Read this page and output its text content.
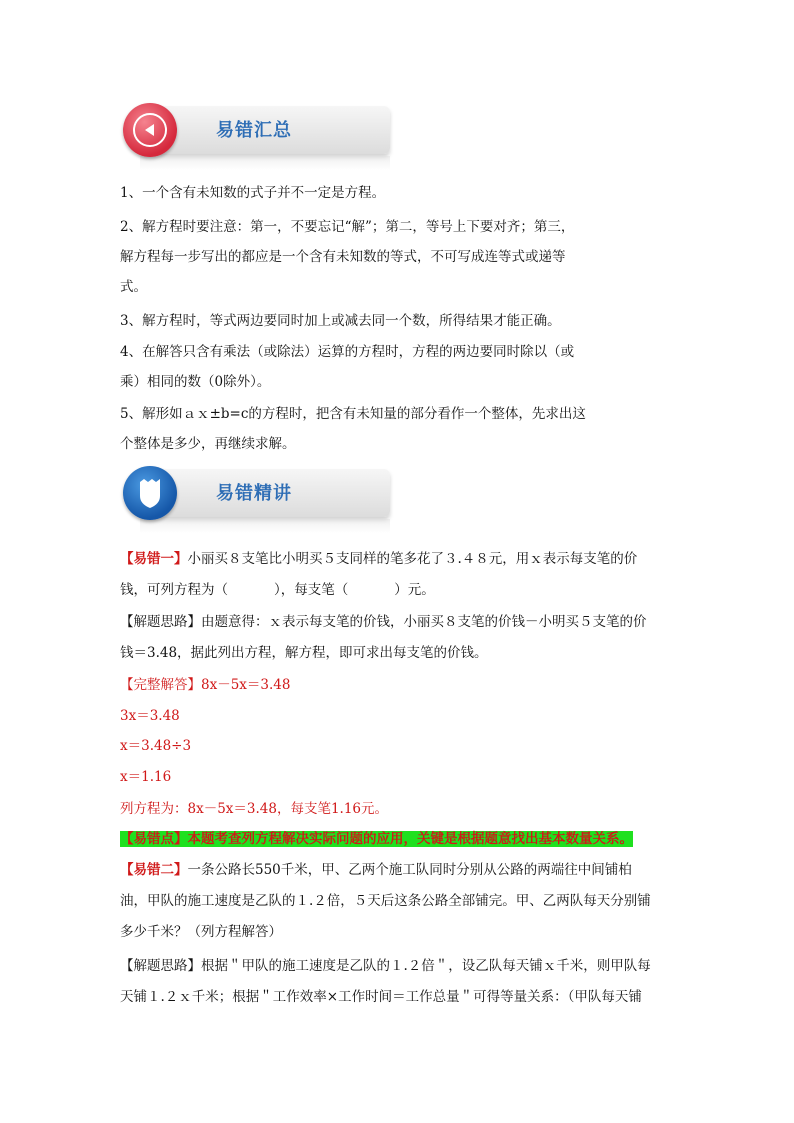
易错汇总
1、一个含有未知数的式子并不一定是方程。
2、解方程时要注意：第一，不要忘记“解”；第二，等号上下要对齐；第三，
解方程每一步写出的都应是一个含有未知数的等式，不可写成连等式或递等
式。
3、解方程时，等式两边要同时加上或减去同一个数，所得结果才能正确。
4、在解答只含有乘法（或除法）运算的方程时，方程的两边要同时除以（或
乘）相同的数（0除外）。
5、解形如ａｘ±b=c的方程时，把含有未知量的部分看作一个整体，先求出这
个整体是多少，再继续求解。
易错精讲
【易错一】小丽买８支笔比小明买５支同样的笔多花了３.４８元，用ｘ表示每支笔的价
钱，可列方程为（	），每支笔（	）元。
【解题思路】由题意得：ｘ表示每支笔的价钱，小丽买８支笔的价钱－小明买５支笔的价
钱＝3.48，据此列出方程，解方程，即可求出每支笔的价钱。
【完整解答】8x－5x＝3.48
3x＝3.48
x＝3.48÷3
x＝1.16
列方程为：8x－5x＝3.48，每支笔1.16元。
【易错点】本题考查列方程解决实际问题的应用，关键是根据题意找出基本数量关系。
【易错二】一条公路长550千米，甲、乙两个施工队同时分别从公路的两端往中间铺柏
油，甲队的施工速度是乙队的１.２倍，５天后这条公路全部铺完。甲、乙两队每天分别铺
多少千米？（列方程解答）
【解题思路】根据＂甲队的施工速度是乙队的１.２倍＂，设乙队每天铺ｘ千米，则甲队每
天铺１.２ｘ千米；根据＂工作效率×工作时间＝工作总量＂可得等量关系：（甲队每天铺
